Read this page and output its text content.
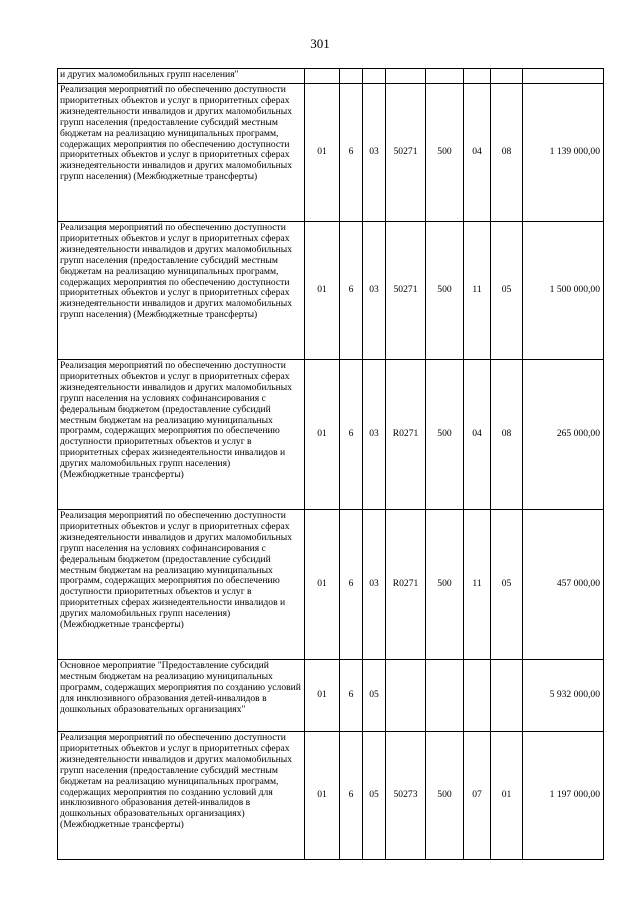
301
и других маломобильных групп населения"								
Реализация мероприятий по обеспечению доступности приоритетных объектов и услуг в приоритетных сферах жизнедеятельности инвалидов и других маломобильных групп населения (предоставление субсидий местным бюджетам на реализацию муниципальных программ, содержащих мероприятия по обеспечению доступности приоритетных объектов и услуг в приоритетных сферах жизнедеятельности инвалидов и других маломобильных групп населения) (Межбюджетные трансферты)	01	6	03	50271	500	04	08	1 139 000,00
Реализация мероприятий по обеспечению доступности приоритетных объектов и услуг в приоритетных сферах жизнедеятельности инвалидов и других маломобильных групп населения (предоставление субсидий местным бюджетам на реализацию муниципальных программ, содержащих мероприятия по обеспечению доступности приоритетных объектов и услуг в приоритетных сферах жизнедеятельности инвалидов и других маломобильных групп населения) (Межбюджетные трансферты)	01	6	03	50271	500	11	05	1 500 000,00
Реализация мероприятий по обеспечению доступности приоритетных объектов и услуг в приоритетных сферах жизнедеятельности инвалидов и других маломобильных групп населения на условиях софинансирования с федеральным бюджетом (предоставление субсидий местным бюджетам на реализацию муниципальных программ, содержащих мероприятия по обеспечению доступности приоритетных объектов и услуг в приоритетных сферах жизнедеятельности инвалидов и других маломобильных групп населения) (Межбюджетные трансферты)	01	6	03	R0271	500	04	08	265 000,00
Реализация мероприятий по обеспечению доступности приоритетных объектов и услуг в приоритетных сферах жизнедеятельности инвалидов и других маломобильных групп населения на условиях софинансирования с федеральным бюджетом (предоставление субсидий местным бюджетам на реализацию муниципальных программ, содержащих мероприятия по обеспечению доступности приоритетных объектов и услуг в приоритетных сферах жизнедеятельности инвалидов и других маломобильных групп населения) (Межбюджетные трансферты)	01	6	03	R0271	500	11	05	457 000,00
Основное мероприятие "Предоставление субсидий местным бюджетам на реализацию муниципальных программ, содержащих мероприятия по созданию условий для инклюзивного образования детей-инвалидов в дошкольных образовательных организациях"	01	6	05					5 932 000,00
Реализация мероприятий по обеспечению доступности приоритетных объектов и услуг в приоритетных сферах жизнедеятельности инвалидов и других маломобильных групп населения (предоставление субсидий местным бюджетам на реализацию муниципальных программ, содержащих мероприятия по созданию условий для инклюзивного образования детей-инвалидов в дошкольных образовательных организациях) (Межбюджетные трансферты)	01	6	05	50273	500	07	01	1 197 000,00
